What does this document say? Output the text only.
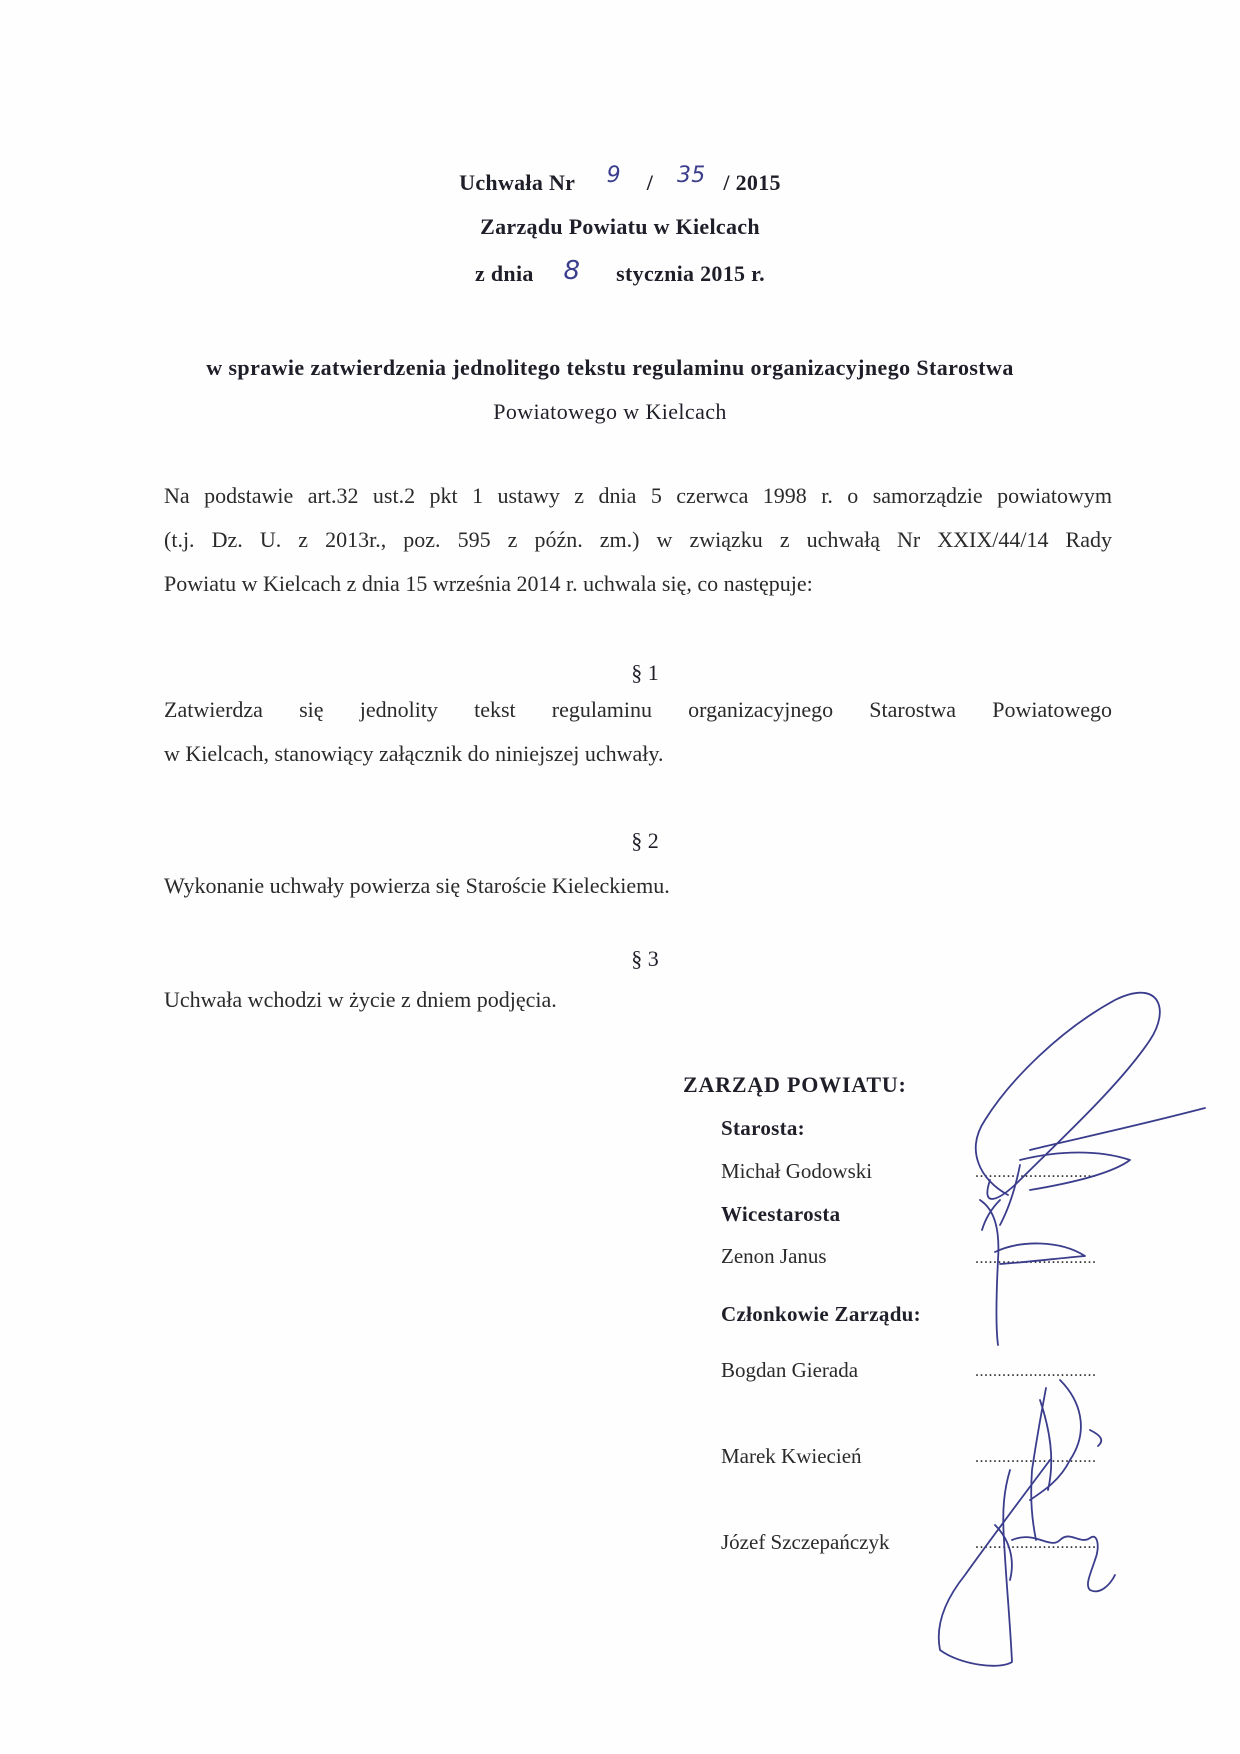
Uchwała Nr 9 / 35 / 2015
Zarządu Powiatu w Kielcach
z dnia 8 stycznia 2015 r.
w sprawie zatwierdzenia jednolitego tekstu regulaminu organizacyjnego Starostwa
Powiatowego w Kielcach
Na podstawie art.32 ust.2 pkt 1 ustawy z dnia 5 czerwca 1998 r. o samorządzie powiatowym
(t.j. Dz. U. z 2013r., poz. 595 z późn. zm.) w związku z uchwałą Nr XXIX/44/14 Rady
Powiatu w Kielcach z dnia 15 września 2014 r. uchwala się, co następuje:
§ 1
Zatwierdza się jednolity tekst regulaminu organizacyjnego Starostwa Powiatowego
w Kielcach, stanowiący załącznik do niniejszej uchwały.
§ 2
Wykonanie uchwały powierza się Staroście Kieleckiemu.
§ 3
Uchwała wchodzi w życie z dniem podjęcia.
ZARZĄD POWIATU:
Starosta:
Michał Godowski	...........................
Wicestarosta
Zenon Janus	...........................
Członkowie Zarządu:
Bogdan Gierada	...........................
Marek Kwiecień	...........................
Józef Szczepańczyk	...........................
